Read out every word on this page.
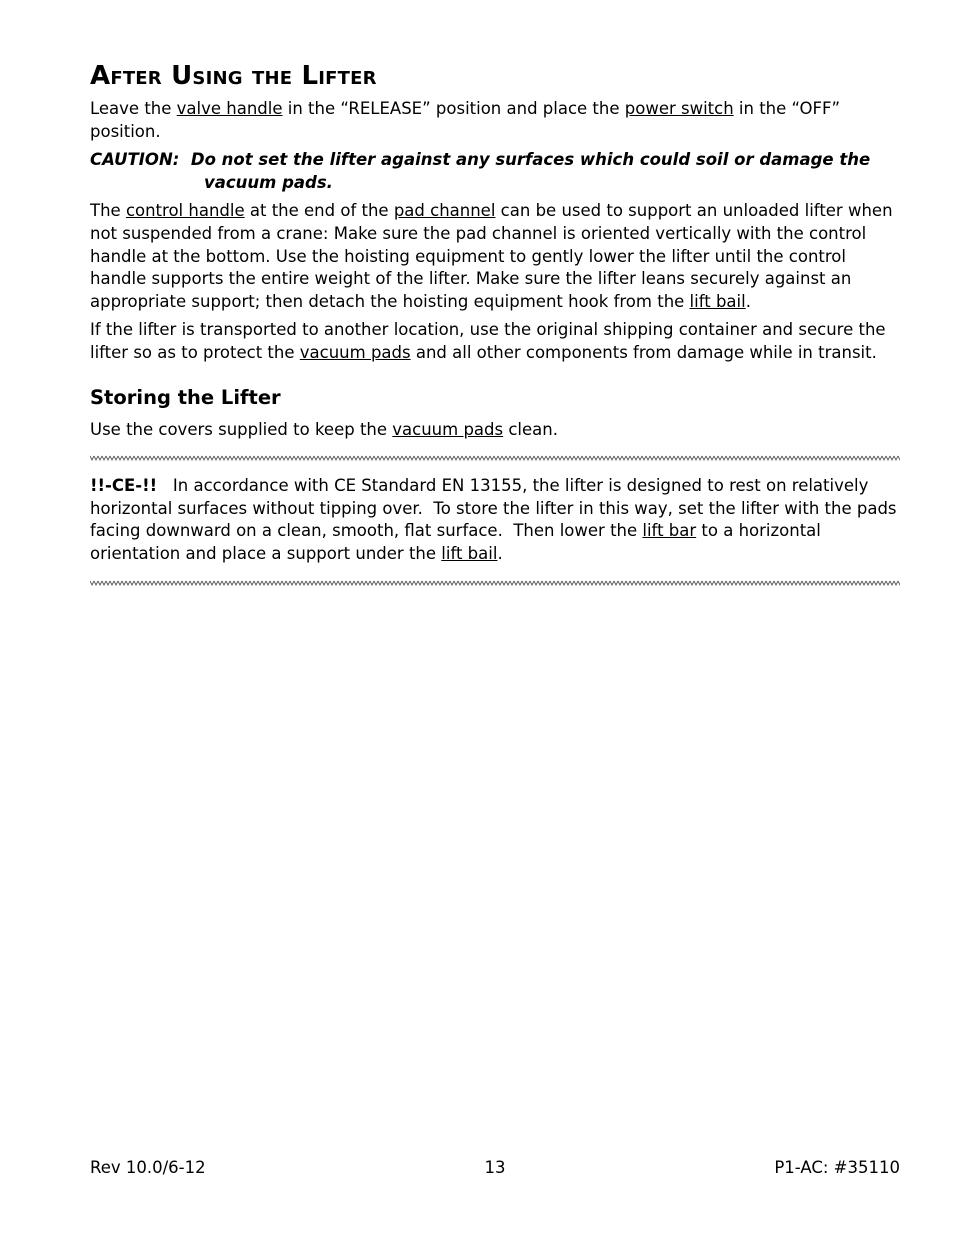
After Using the Lifter

Leave the valve handle in the “RELEASE” position and place the power switch in the “OFF” position.

CAUTION: Do not set the lifter against any surfaces which could soil or damage the vacuum pads.

The control handle at the end of the pad channel can be used to support an unloaded lifter when not suspended from a crane: Make sure the pad channel is oriented vertically with the control handle at the bottom. Use the hoisting equipment to gently lower the lifter until the control handle supports the entire weight of the lifter. Make sure the lifter leans securely against an appropriate support; then detach the hoisting equipment hook from the lift bail.

If the lifter is transported to another location, use the original shipping container and secure the lifter so as to protect the vacuum pads and all other components from damage while in transit.

Storing the Lifter

Use the covers supplied to keep the vacuum pads clean.

!!-CE-!!   In accordance with CE Standard EN 13155, the lifter is designed to rest on relatively horizontal surfaces without tipping over.  To store the lifter in this way, set the lifter with the pads facing downward on a clean, smooth, flat surface.  Then lower the lift bar to a horizontal orientation and place a support under the lift bail.

Rev 10.0/6-12	13	P1-AC: #35110
